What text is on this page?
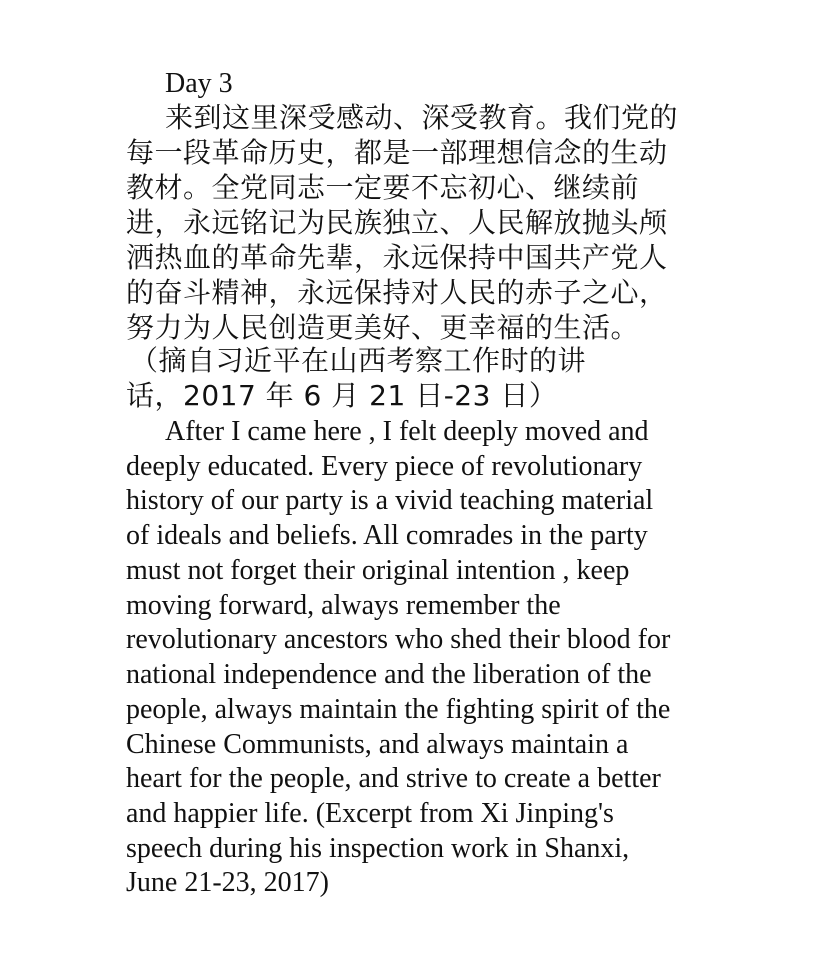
Day 3
来到这里深受感动、深受教育。我们党的
每一段革命历史，都是一部理想信念的生动
教材。全党同志一定要不忘初心、继续前
进，永远铭记为民族独立、人民解放抛头颅
洒热血的革命先辈，永远保持中国共产党人
的奋斗精神，永远保持对人民的赤子之心，
努力为人民创造更美好、更幸福的生活。
（摘自习近平在山西考察工作时的讲
话，2017 年 6 月 21 日-23 日）
After I came here , I felt deeply moved and
deeply educated. Every piece of revolutionary
history of our party is a vivid teaching material
of ideals and beliefs. All comrades in the party
must not forget their original intention , keep
moving forward, always remember the
revolutionary ancestors who shed their blood for
national independence and the liberation of the
people, always maintain the fighting spirit of the
Chinese Communists, and always maintain a
heart for the people, and strive to create a better
and happier life. (Excerpt from Xi Jinping's
speech during his inspection work in Shanxi,
June 21-23, 2017)
